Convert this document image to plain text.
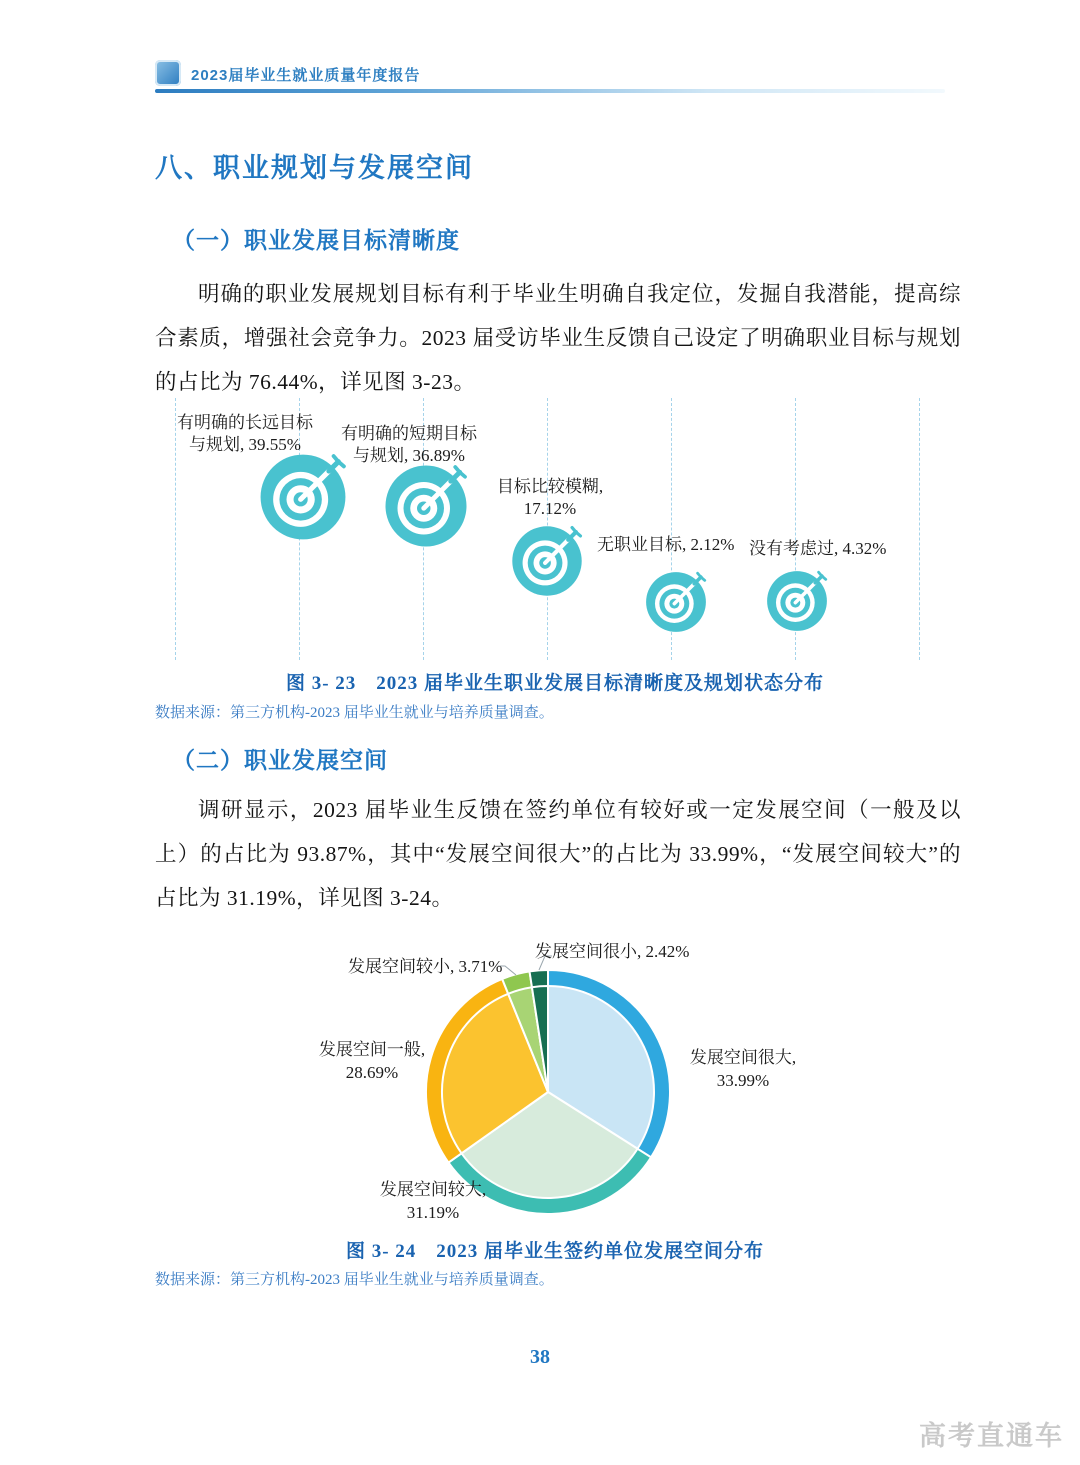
2023届毕业生就业质量年度报告
八、职业规划与发展空间
（一）职业发展目标清晰度

明确的职业发展规划目标有利于毕业生明确自我定位，发掘自我潜能，提高综合素质，增强社会竞争力。2023 届受访毕业生反馈自己设定了明确职业目标与规划的占比为 76.44%，详见图 3-23。

有明确的长远目标与规划, 39.55%
有明确的短期目标与规划, 36.89%
目标比较模糊, 17.12%
无职业目标, 2.12% 没有考虑过, 4.32%
图 3- 23　2023 届毕业生职业发展目标清晰度及规划状态分布
数据来源：第三方机构-2023 届毕业生就业与培养质量调查。
（二）职业发展空间

调研显示，2023 届毕业生反馈在签约单位有较好或一定发展空间（一般及以上）的占比为 93.87%，其中“发展空间很大”的占比为 33.99%，“发展空间较大”的占比为 31.19%，详见图 3-24。

发展空间很小, 2.42%
发展空间较小, 3.71%
发展空间一般, 28.69%
发展空间很大, 33.99%
发展空间较大, 31.19%
图 3- 24　2023 届毕业生签约单位发展空间分布
数据来源：第三方机构-2023 届毕业生就业与培养质量调查。
38
高考直通车
